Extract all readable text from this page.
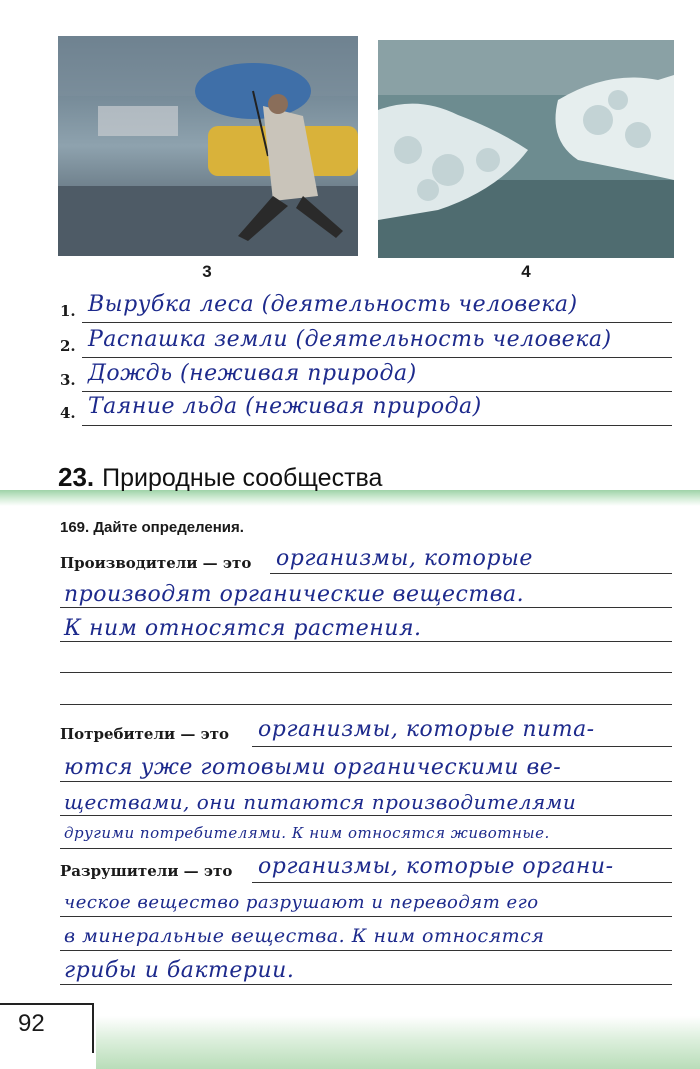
3	4
1. Вырубка леса (деятельность человека)
2. Распашка земли (деятельность человека)
3. Дождь (неживая природа)
4. Таяние льда (неживая природа)
23. Природные сообщества
169. Дайте определения.
Производители — это организмы, которые
производят органические вещества.
К ним относятся растения.
Потребители — это организмы, которые пита-
ются уже готовыми органическими ве-
ществами, они питаются производителями
другими потребителями. К ним относятся животные.
Разрушители — это организмы, которые органи-
ческое вещество разрушают и переводят его
в минеральные вещества. К ним относятся
грибы и бактерии.
92
